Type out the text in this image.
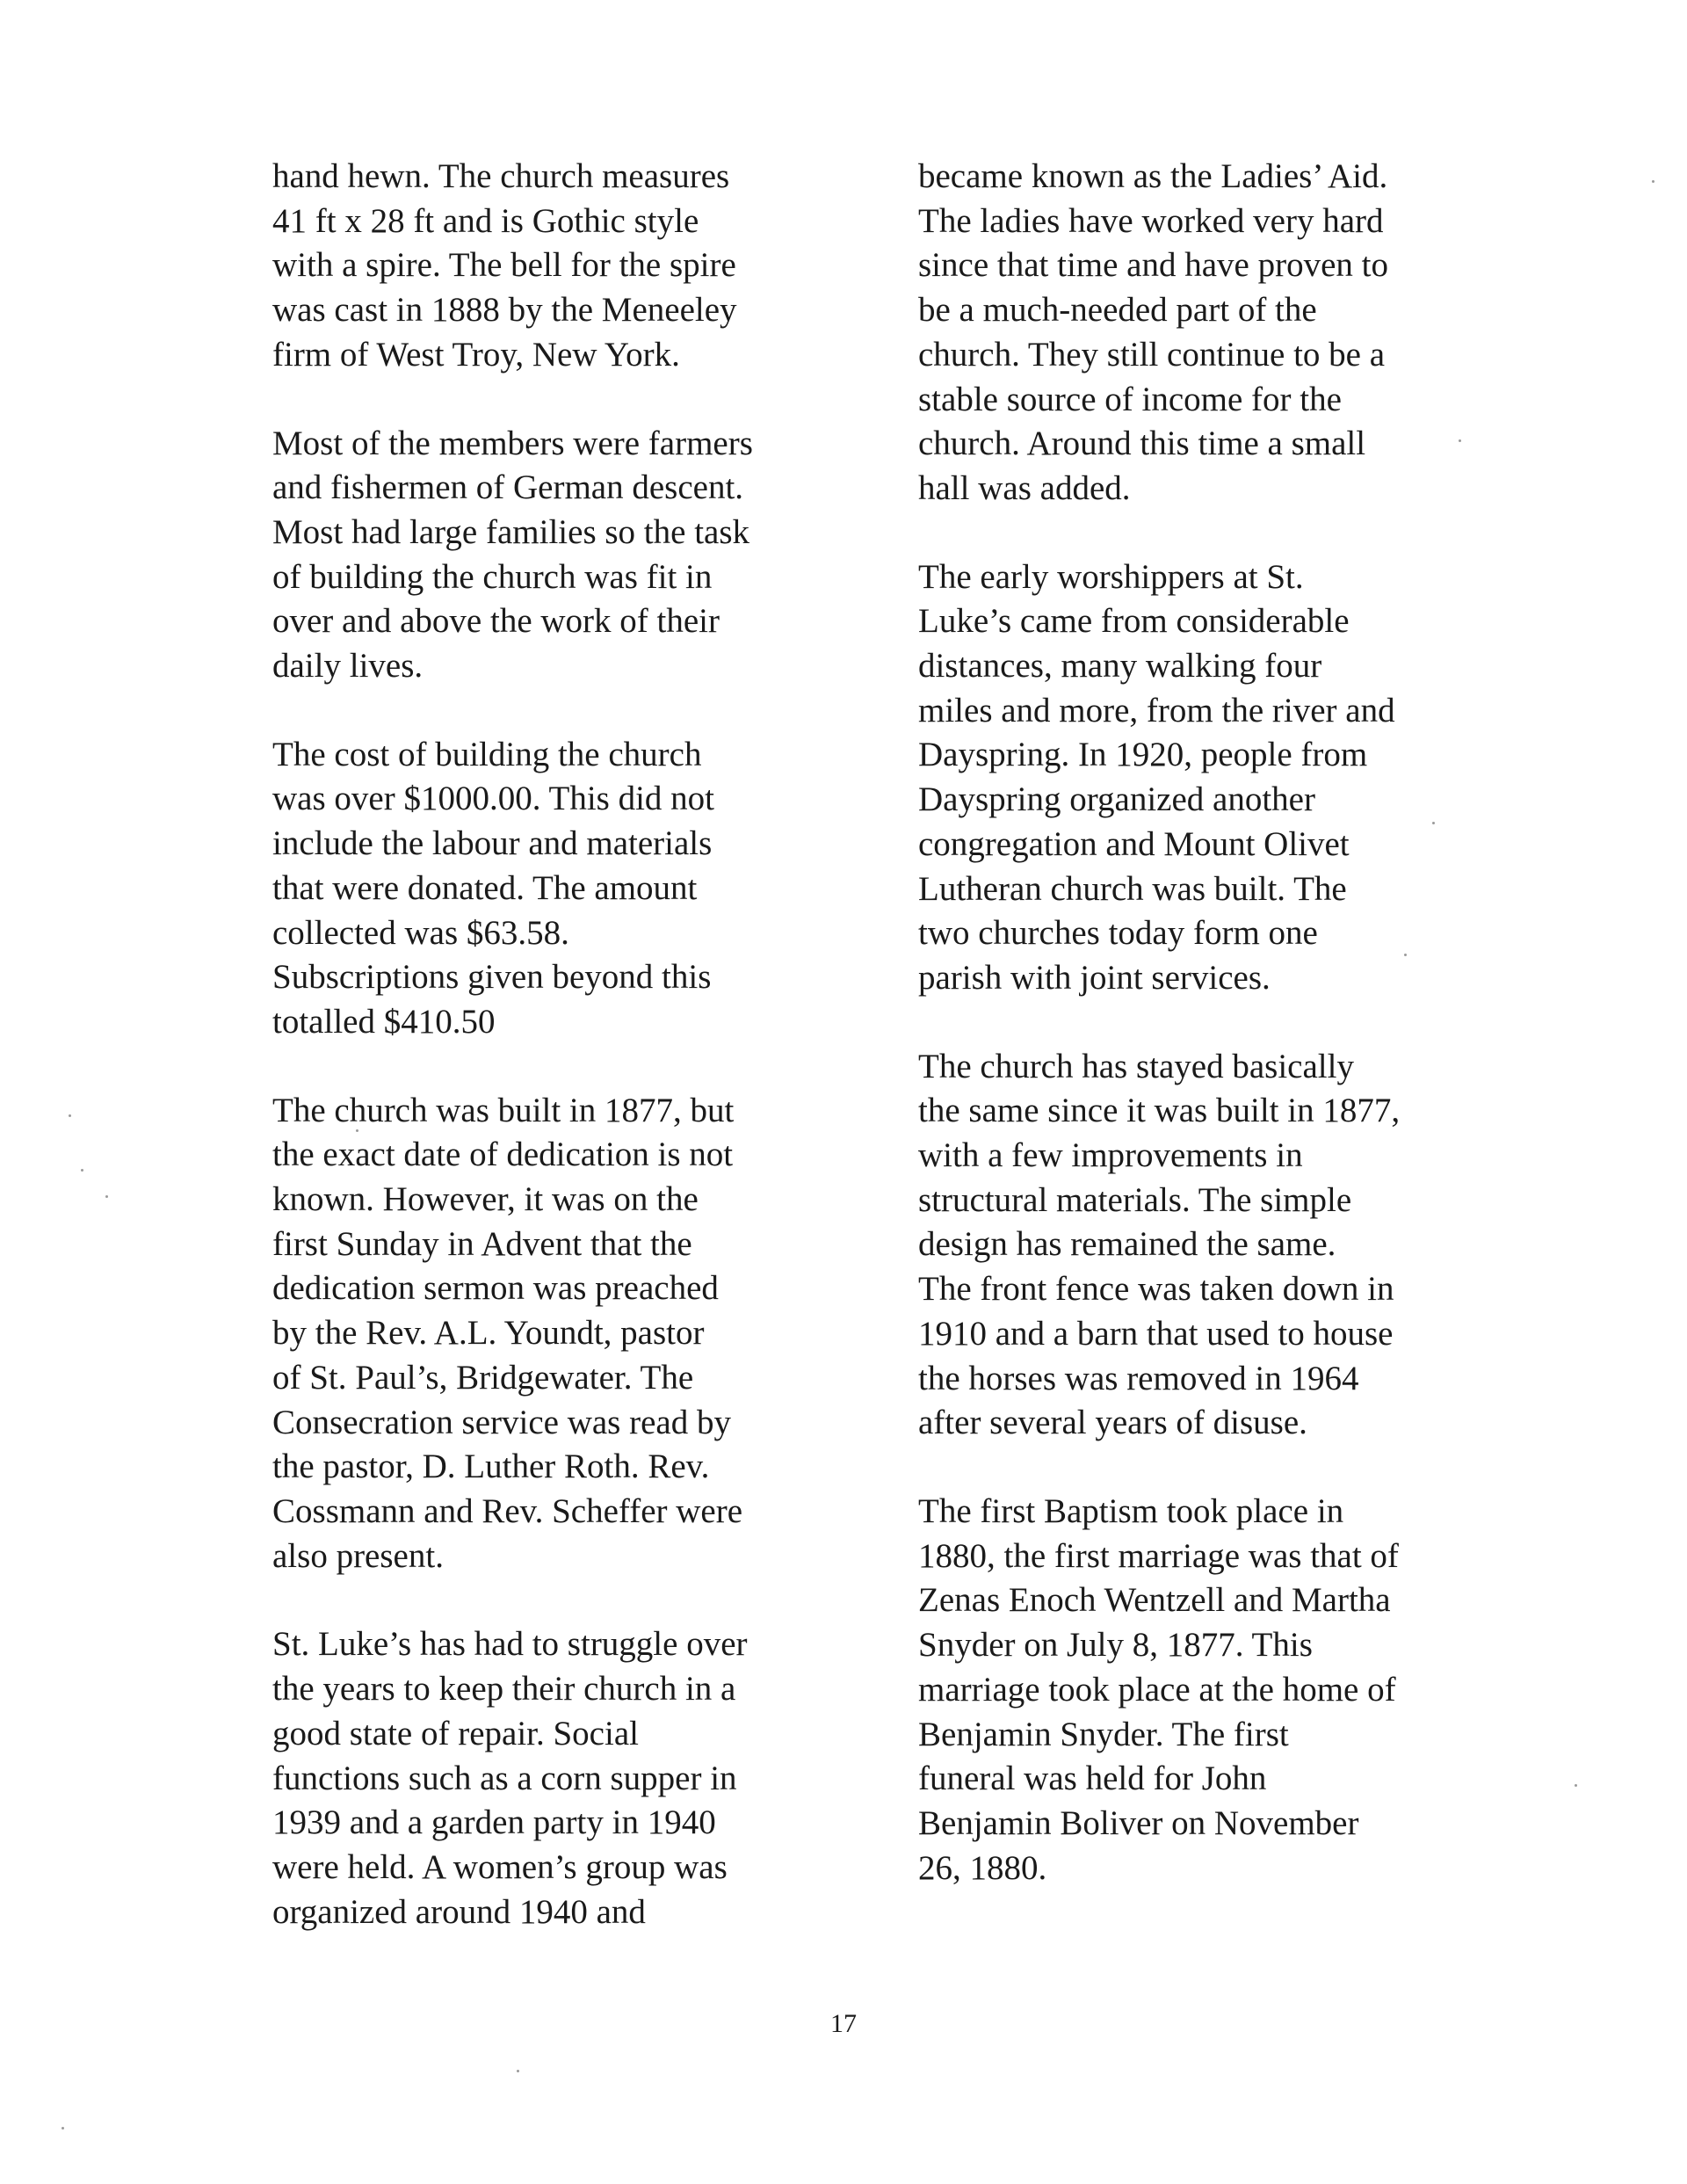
hand hewn. The church measures
41 ft x 28 ft and is Gothic style
with a spire. The bell for the spire
was cast in 1888 by the Meneeley
firm of West Troy, New York.
Most of the members were farmers
and fishermen of German descent.
Most had large families so the task
of building the church was fit in
over and above the work of their
daily lives.
The cost of building the church
was over $1000.00. This did not
include the labour and materials
that were donated. The amount
collected was $63.58.
Subscriptions given beyond this
totalled $410.50
The church was built in 1877, but
the exact date of dedication is not
known. However, it was on the
first Sunday in Advent that the
dedication sermon was preached
by the Rev. A.L. Youndt, pastor
of St. Paul’s, Bridgewater. The
Consecration service was read by
the pastor, D. Luther Roth. Rev.
Cossmann and Rev. Scheffer were
also present.
St. Luke’s has had to struggle over
the years to keep their church in a
good state of repair. Social
functions such as a corn supper in
1939 and a garden party in 1940
were held. A women’s group was
organized around 1940 and
became known as the Ladies’ Aid.
The ladies have worked very hard
since that time and have proven to
be a much-needed part of the
church. They still continue to be a
stable source of income for the
church. Around this time a small
hall was added.
The early worshippers at St.
Luke’s came from considerable
distances, many walking four
miles and more, from the river and
Dayspring. In 1920, people from
Dayspring organized another
congregation and Mount Olivet
Lutheran church was built. The
two churches today form one
parish with joint services.
The church has stayed basically
the same since it was built in 1877,
with a few improvements in
structural materials. The simple
design has remained the same.
The front fence was taken down in
1910 and a barn that used to house
the horses was removed in 1964
after several years of disuse.
The first Baptism took place in
1880, the first marriage was that of
Zenas Enoch Wentzell and Martha
Snyder on July 8, 1877. This
marriage took place at the home of
Benjamin Snyder. The first
funeral was held for John
Benjamin Boliver on November
26, 1880.
17
